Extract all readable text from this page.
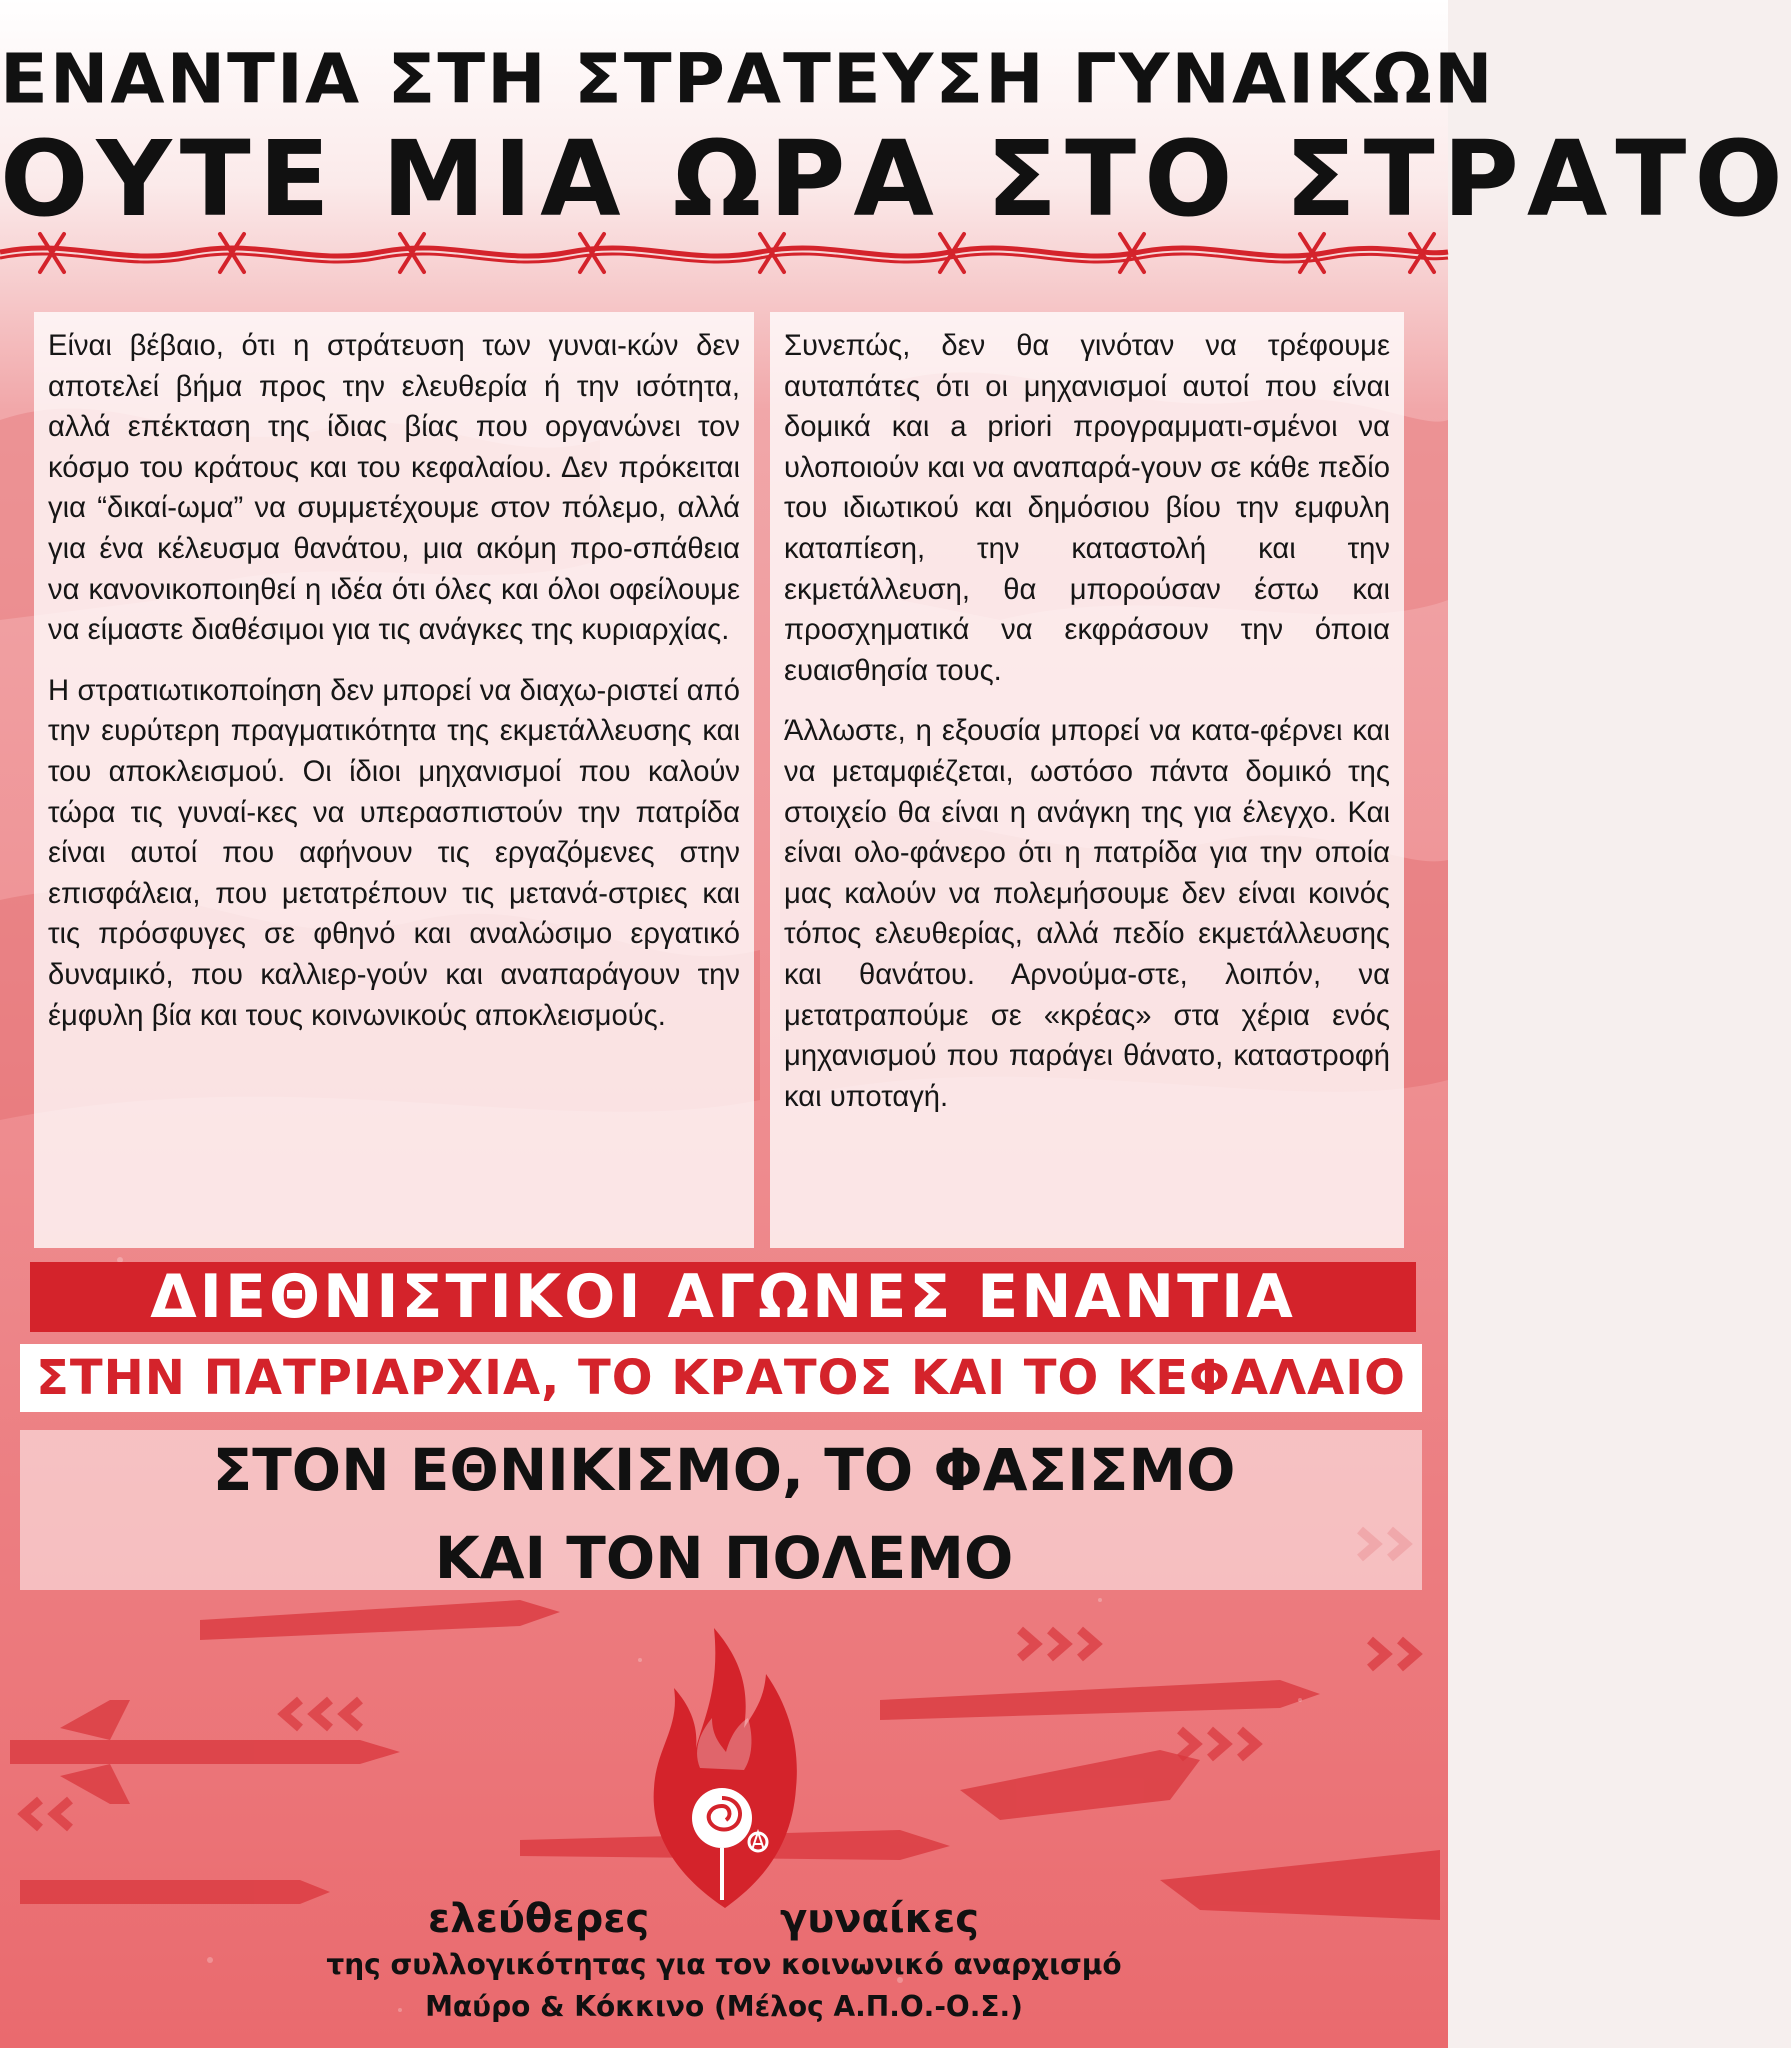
ΕΝΑΝΤΙΑ ΣΤΗ ΣΤΡΑΤΕΥΣΗ ΓΥΝΑΙΚΩΝ
ΟΥΤΕ ΜΙΑ ΩΡΑ ΣΤΟ ΣΤΡΑΤΟ

Είναι βέβαιο, ότι η στράτευση των γυναι-κών δεν αποτελεί βήμα προς την ελευθερία ή την ισότητα, αλλά επέκταση της ίδιας βίας που οργανώνει τον κόσμο του κράτους και του κεφαλαίου. Δεν πρόκειται για “δικαί-ωμα” να συμμετέχουμε στον πόλεμο, αλλά για ένα κέλευσμα θανάτου, μια ακόμη προ-σπάθεια να κανονικοποιηθεί η ιδέα ότι όλες και όλοι οφείλουμε να είμαστε διαθέσιμοι για τις ανάγκες της κυριαρχίας.

Η στρατιωτικοποίηση δεν μπορεί να διαχω-ριστεί από την ευρύτερη πραγματικότητα της εκμετάλλευσης και του αποκλεισμού. Οι ίδιοι μηχανισμοί που καλούν τώρα τις γυναί-κες να υπερασπιστούν την πατρίδα είναι αυτοί που αφήνουν τις εργαζόμενες στην επισφάλεια, που μετατρέπουν τις μετανά-στριες και τις πρόσφυγες σε φθηνό και αναλώσιμο εργατικό δυναμικό, που καλλιερ-γούν και αναπαράγουν την έμφυλη βία και τους κοινωνικούς αποκλεισμούς.

Συνεπώς, δεν θα γινόταν να τρέφουμε αυταπάτες ότι οι μηχανισμοί αυτοί που είναι δομικά και a priori προγραμματι-σμένοι να υλοποιούν και να αναπαρά-γουν σε κάθε πεδίο του ιδιωτικού και δημόσιου βίου την εμφυλη καταπίεση, την καταστολή και την εκμετάλλευση, θα μπορούσαν έστω και προσχηματικά να εκφράσουν την όποια ευαισθησία τους.

Άλλωστε, η εξουσία μπορεί να κατα-φέρνει και να μεταμφιέζεται, ωστόσο πάντα δομικό της στοιχείο θα είναι η ανάγκη της για έλεγχο. Και είναι ολο-φάνερο ότι η πατρίδα για την οποία μας καλούν να πολεμήσουμε δεν είναι κοινός τόπος ελευθερίας, αλλά πεδίο εκμετάλλευσης και θανάτου. Αρνούμα-στε, λοιπόν, να μετατραπούμε σε «κρέας» στα χέρια ενός μηχανισμού που παράγει θάνατο, καταστροφή και υποταγή.

ΔΙΕΘΝΙΣΤΙΚΟΙ ΑΓΩΝΕΣ ΕΝΑΝΤΙΑ
ΣΤΗΝ ΠΑΤΡΙΑΡΧΙΑ, ΤΟ ΚΡΑΤΟΣ ΚΑΙ ΤΟ ΚΕΦΑΛΑΙΟ
ΣΤΟΝ ΕΘΝΙΚΙΣΜΟ, ΤΟ ΦΑΣΙΣΜΟ
ΚΑΙ ΤΟΝ ΠΟΛΕΜΟ
ελεύθερες	γυναίκες
της συλλογικότητας για τον κοινωνικό αναρχισμό
Μαύρο & Κόκκινο (Μέλος Α.Π.Ο.-Ο.Σ.)
